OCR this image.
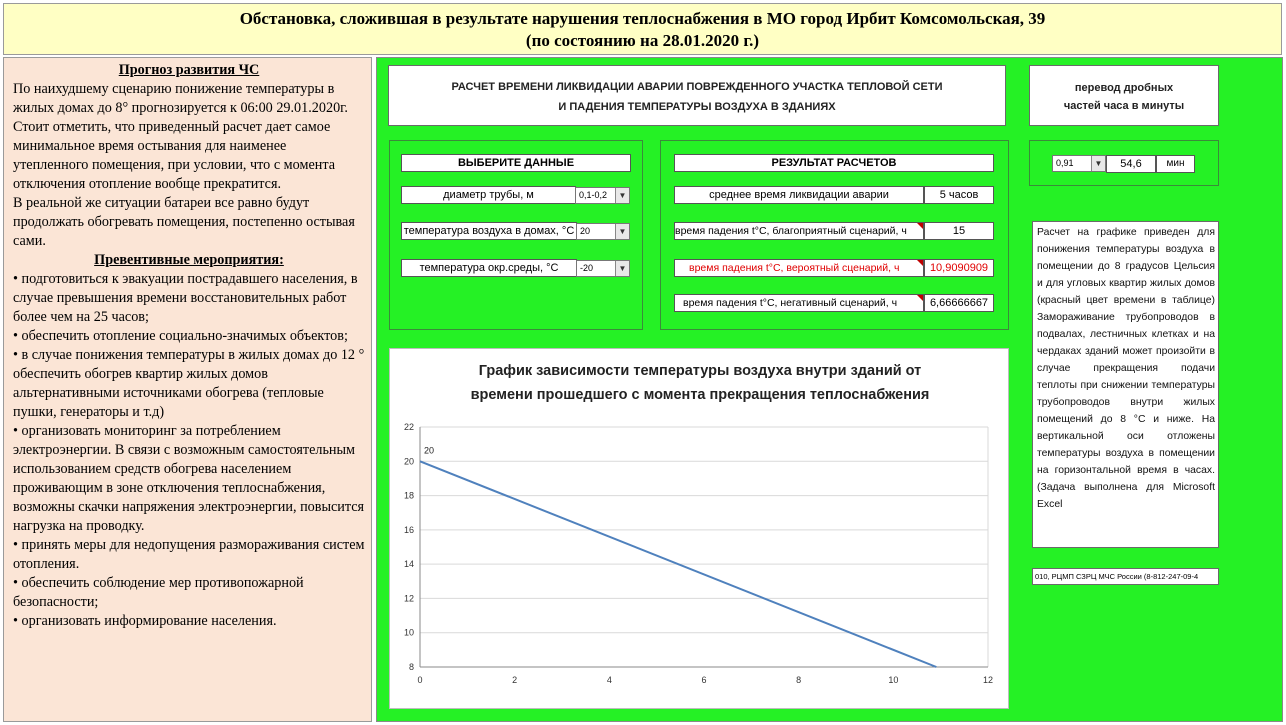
Обстановка, сложившая в результате нарушения теплоснабжения в МО город Ирбит Комсомольская, 39
(по состоянию на 28.01.2020 г.)
Прогноз развития ЧС

По наихудшему сценарию понижение температуры в жилых домах до 8° прогнозируется к 06:00 29.01.2020г.

Стоит отметить, что приведенный расчет дает самое минимальное время остывания для наименее утепленного помещения, при условии, что с момента отключения отопление вообще прекратится.

В реальной же ситуации батареи все равно будут продолжать обогревать помещения, постепенно остывая сами.

Превентивные мероприятия:

• подготовиться к эвакуации пострадавшего населения, в случае превышения времени восстановительных работ более чем на 25 часов;

• обеспечить отопление социально-значимых объектов;

• в случае понижения температуры в жилых домах до 12 ° обеспечить обогрев квартир жилых домов альтернативными источниками обогрева (тепловые пушки, генераторы и т.д)

• организовать мониторинг за потреблением электроэнергии. В связи с возможным самостоятельным использованием средств обогрева населением проживающим в зоне отключения теплоснабжения, возможны скачки напряжения электроэнергии, повысится нагрузка на проводку.

• принять меры для недопущения размораживания систем отопления.

• обеспечить соблюдение мер противопожарной безопасности;

• организовать информирование населения.

РАСЧЕТ ВРЕМЕНИ ЛИКВИДАЦИИ АВАРИИ ПОВРЕЖДЕННОГО УЧАСТКА ТЕПЛОВОЙ СЕТИ
И ПАДЕНИЯ ТЕМПЕРАТУРЫ ВОЗДУХА В ЗДАНИЯХ
перевод дробных
частей часа в минуты
ВЫБЕРИТЕ ДАННЫЕ
диаметр трубы, м	0,1-0,2	▼
температура воздуха в домах, °С 20	▼
температура окр.среды, °С	-20	▼
РЕЗУЛЬТАТ РАСЧЕТОВ
среднее время ликвидации аварии	5 часов
время падения t°С, благоприятный сценарий, ч	15
время падения t°С, вероятный сценарий, ч	10,9090909
время падения t°С, негативный сценарий, ч	6,66666667
0,91	▼	54,6	мин
График зависимости температуры воздуха внутри зданий от
времени прошедшего с момента прекращения теплоснабжения
8
10
12
14
16
18
20
22
0	2	4	6	8	10	12
20
Расчет на графике приведен для понижения температуры воздуха в помещении до 8 градусов Цельсия и для угловых квартир жилых домов (красный цвет времени в таблице) Замораживание трубопроводов в подвалах, лестничных клетках и на чердаках зданий может произойти в случае прекращения подачи теплоты при снижении температуры трубопроводов внутри жилых помещений до 8 °С и ниже. На вертикальной оси отложены температуры воздуха в помещении на горизонтальной время в часах. (Задача выполнена для Microsoft Excel
010, РЦМП СЗРЦ МЧС России (8-812-247-09-4
